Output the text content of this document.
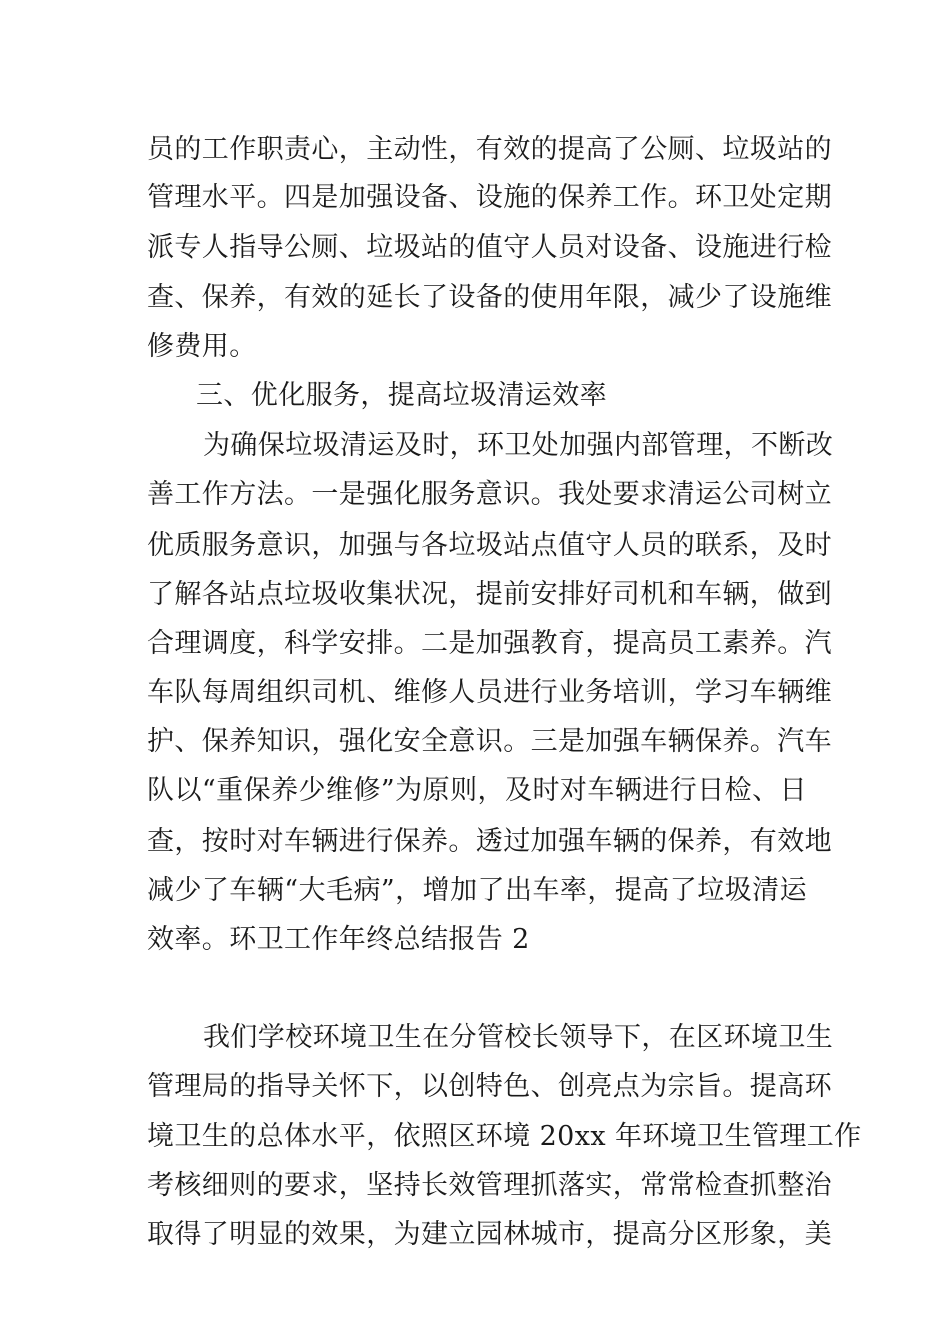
员的工作职责心，主动性，有效的提高了公厕、垃圾站的
管理水平。四是加强设备、设施的保养工作。环卫处定期
派专人指导公厕、垃圾站的值守人员对设备、设施进行检
查、保养，有效的延长了设备的使用年限，减少了设施维
修费用。
三、优化服务，提高垃圾清运效率
为确保垃圾清运及时，环卫处加强内部管理，不断改
善工作方法。一是强化服务意识。我处要求清运公司树立
优质服务意识，加强与各垃圾站点值守人员的联系，及时
了解各站点垃圾收集状况，提前安排好司机和车辆，做到
合理调度，科学安排。二是加强教育，提高员工素养。汽
车队每周组织司机、维修人员进行业务培训，学习车辆维
护、保养知识，强化安全意识。三是加强车辆保养。汽车
队以“重保养少维修”为原则，及时对车辆进行日检、日
查，按时对车辆进行保养。透过加强车辆的保养，有效地
减少了车辆“大毛病”，增加了出车率，提高了垃圾清运
效率。环卫工作年终总结报告 2
我们学校环境卫生在分管校长领导下，在区环境卫生
管理局的指导关怀下，以创特色、创亮点为宗旨。提高环
境卫生的总体水平，依照区环境 20xx 年环境卫生管理工作
考核细则的要求，坚持长效管理抓落实，常常检查抓整治
取得了明显的效果，为建立园林城市，提高分区形象，美
